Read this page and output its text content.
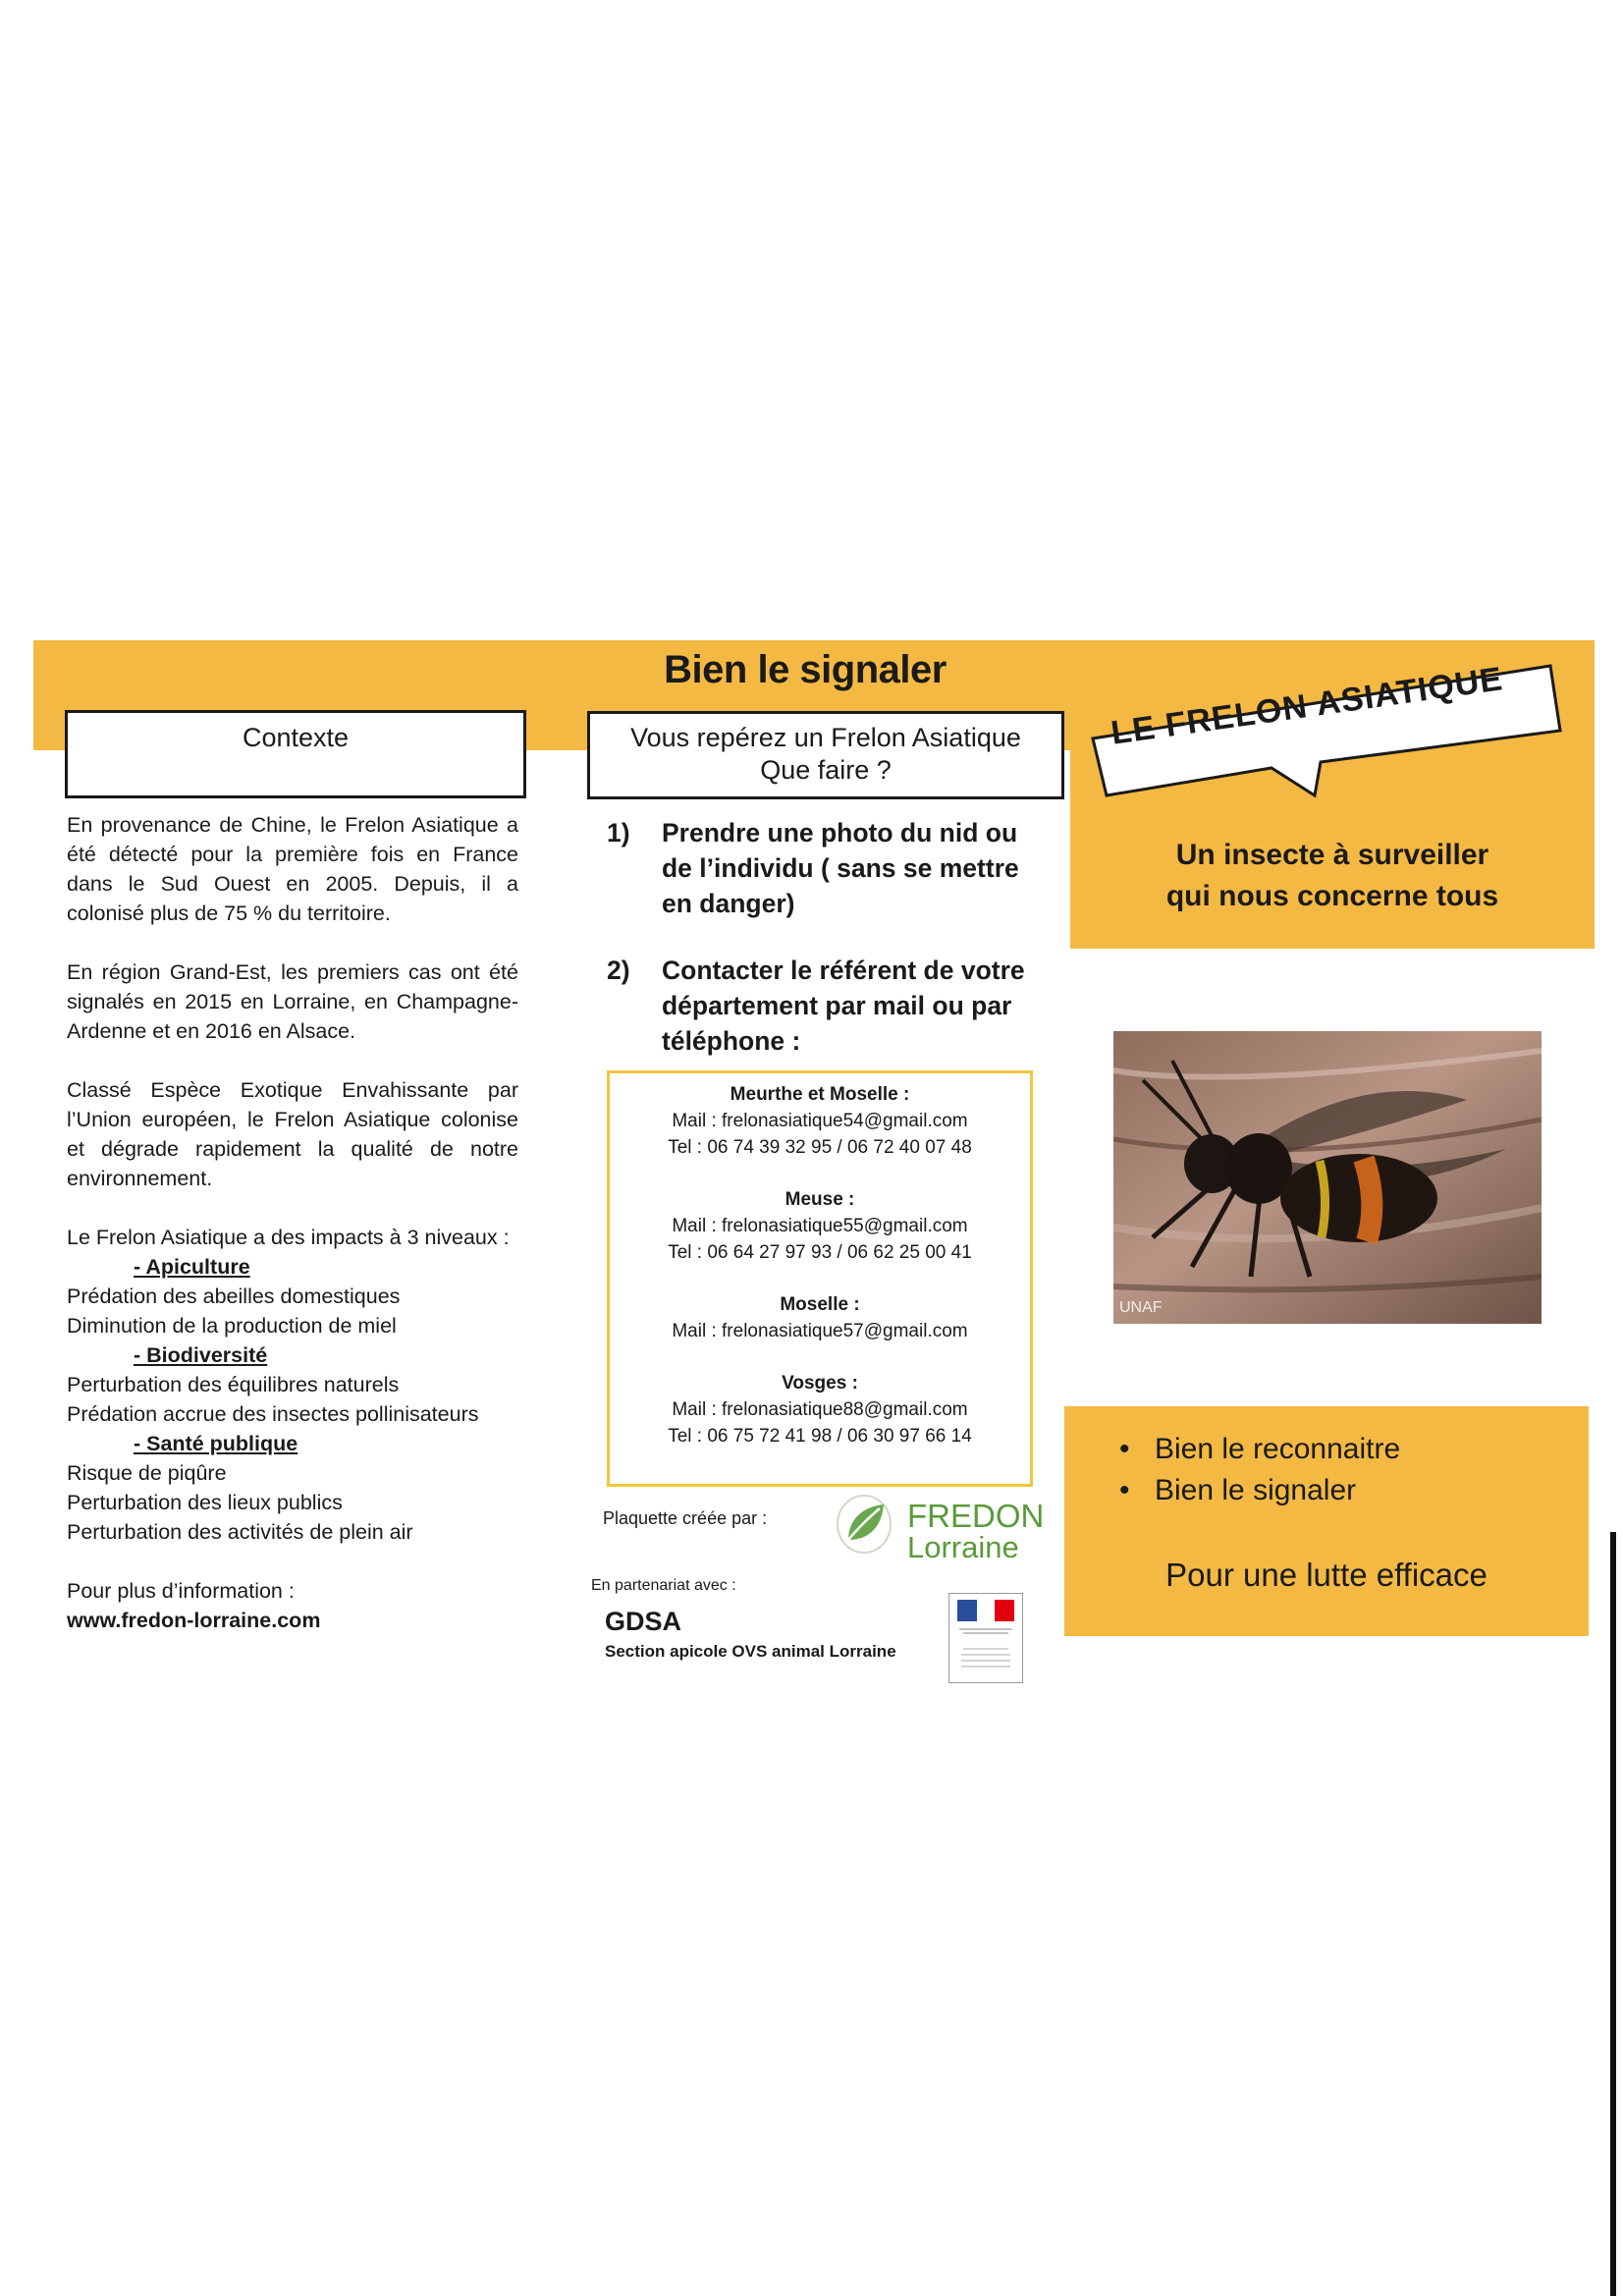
Bien le signaler
Contexte

En provenance de Chine, le Frelon Asiatique a été détecté pour la première fois en France dans le Sud Ouest en 2005. Depuis, il a colonisé plus de 75 % du territoire.

En région Grand-Est, les premiers cas ont été signalés en 2015 en Lorraine, en Champagne-Ardenne et en 2016 en Alsace.

Classé Espèce Exotique Envahissante par l’Union européen, le Frelon Asiatique colonise et dégrade rapidement la qualité de notre environnement.

Le Frelon Asiatique a des impacts à 3 niveaux :

- Apiculture

Prédation des abeilles domestiques

Diminution de la production de miel

- Biodiversité

Perturbation des équilibres naturels

Prédation accrue des insectes pollinisateurs

- Santé publique

Risque de piqûre

Perturbation des lieux publics

Perturbation des activités de plein air

Pour plus d’information :

www.fredon-lorraine.com

Vous repérez un Frelon Asiatique
Que faire ?
1) Prendre une photo du nid ou de l’individu ( sans se mettre en danger)
2) Contacter le référent de votre département par mail ou par téléphone :
Meurthe et Moselle :
Mail : frelonasiatique54@gmail.com
Tel : 06 74 39 32 95 / 06 72 40 07 48
Meuse :
Mail : frelonasiatique55@gmail.com
Tel : 06 64 27 97 93 / 06 62 25 00 41
Moselle :
Mail : frelonasiatique57@gmail.com
Vosges :
Mail : frelonasiatique88@gmail.com
Tel : 06 75 72 41 98 / 06 30 97 66 14
Plaquette créée par :	FREDON
Lorraine
En partenariat avec :
GDSA
Section apicole OVS animal Lorraine
LE FRELON ASIATIQUE
Un insecte à surveiller
qui nous concerne tous
UNAF
• Bien le reconnaitre
• Bien le signaler
Pour une lutte efficace
